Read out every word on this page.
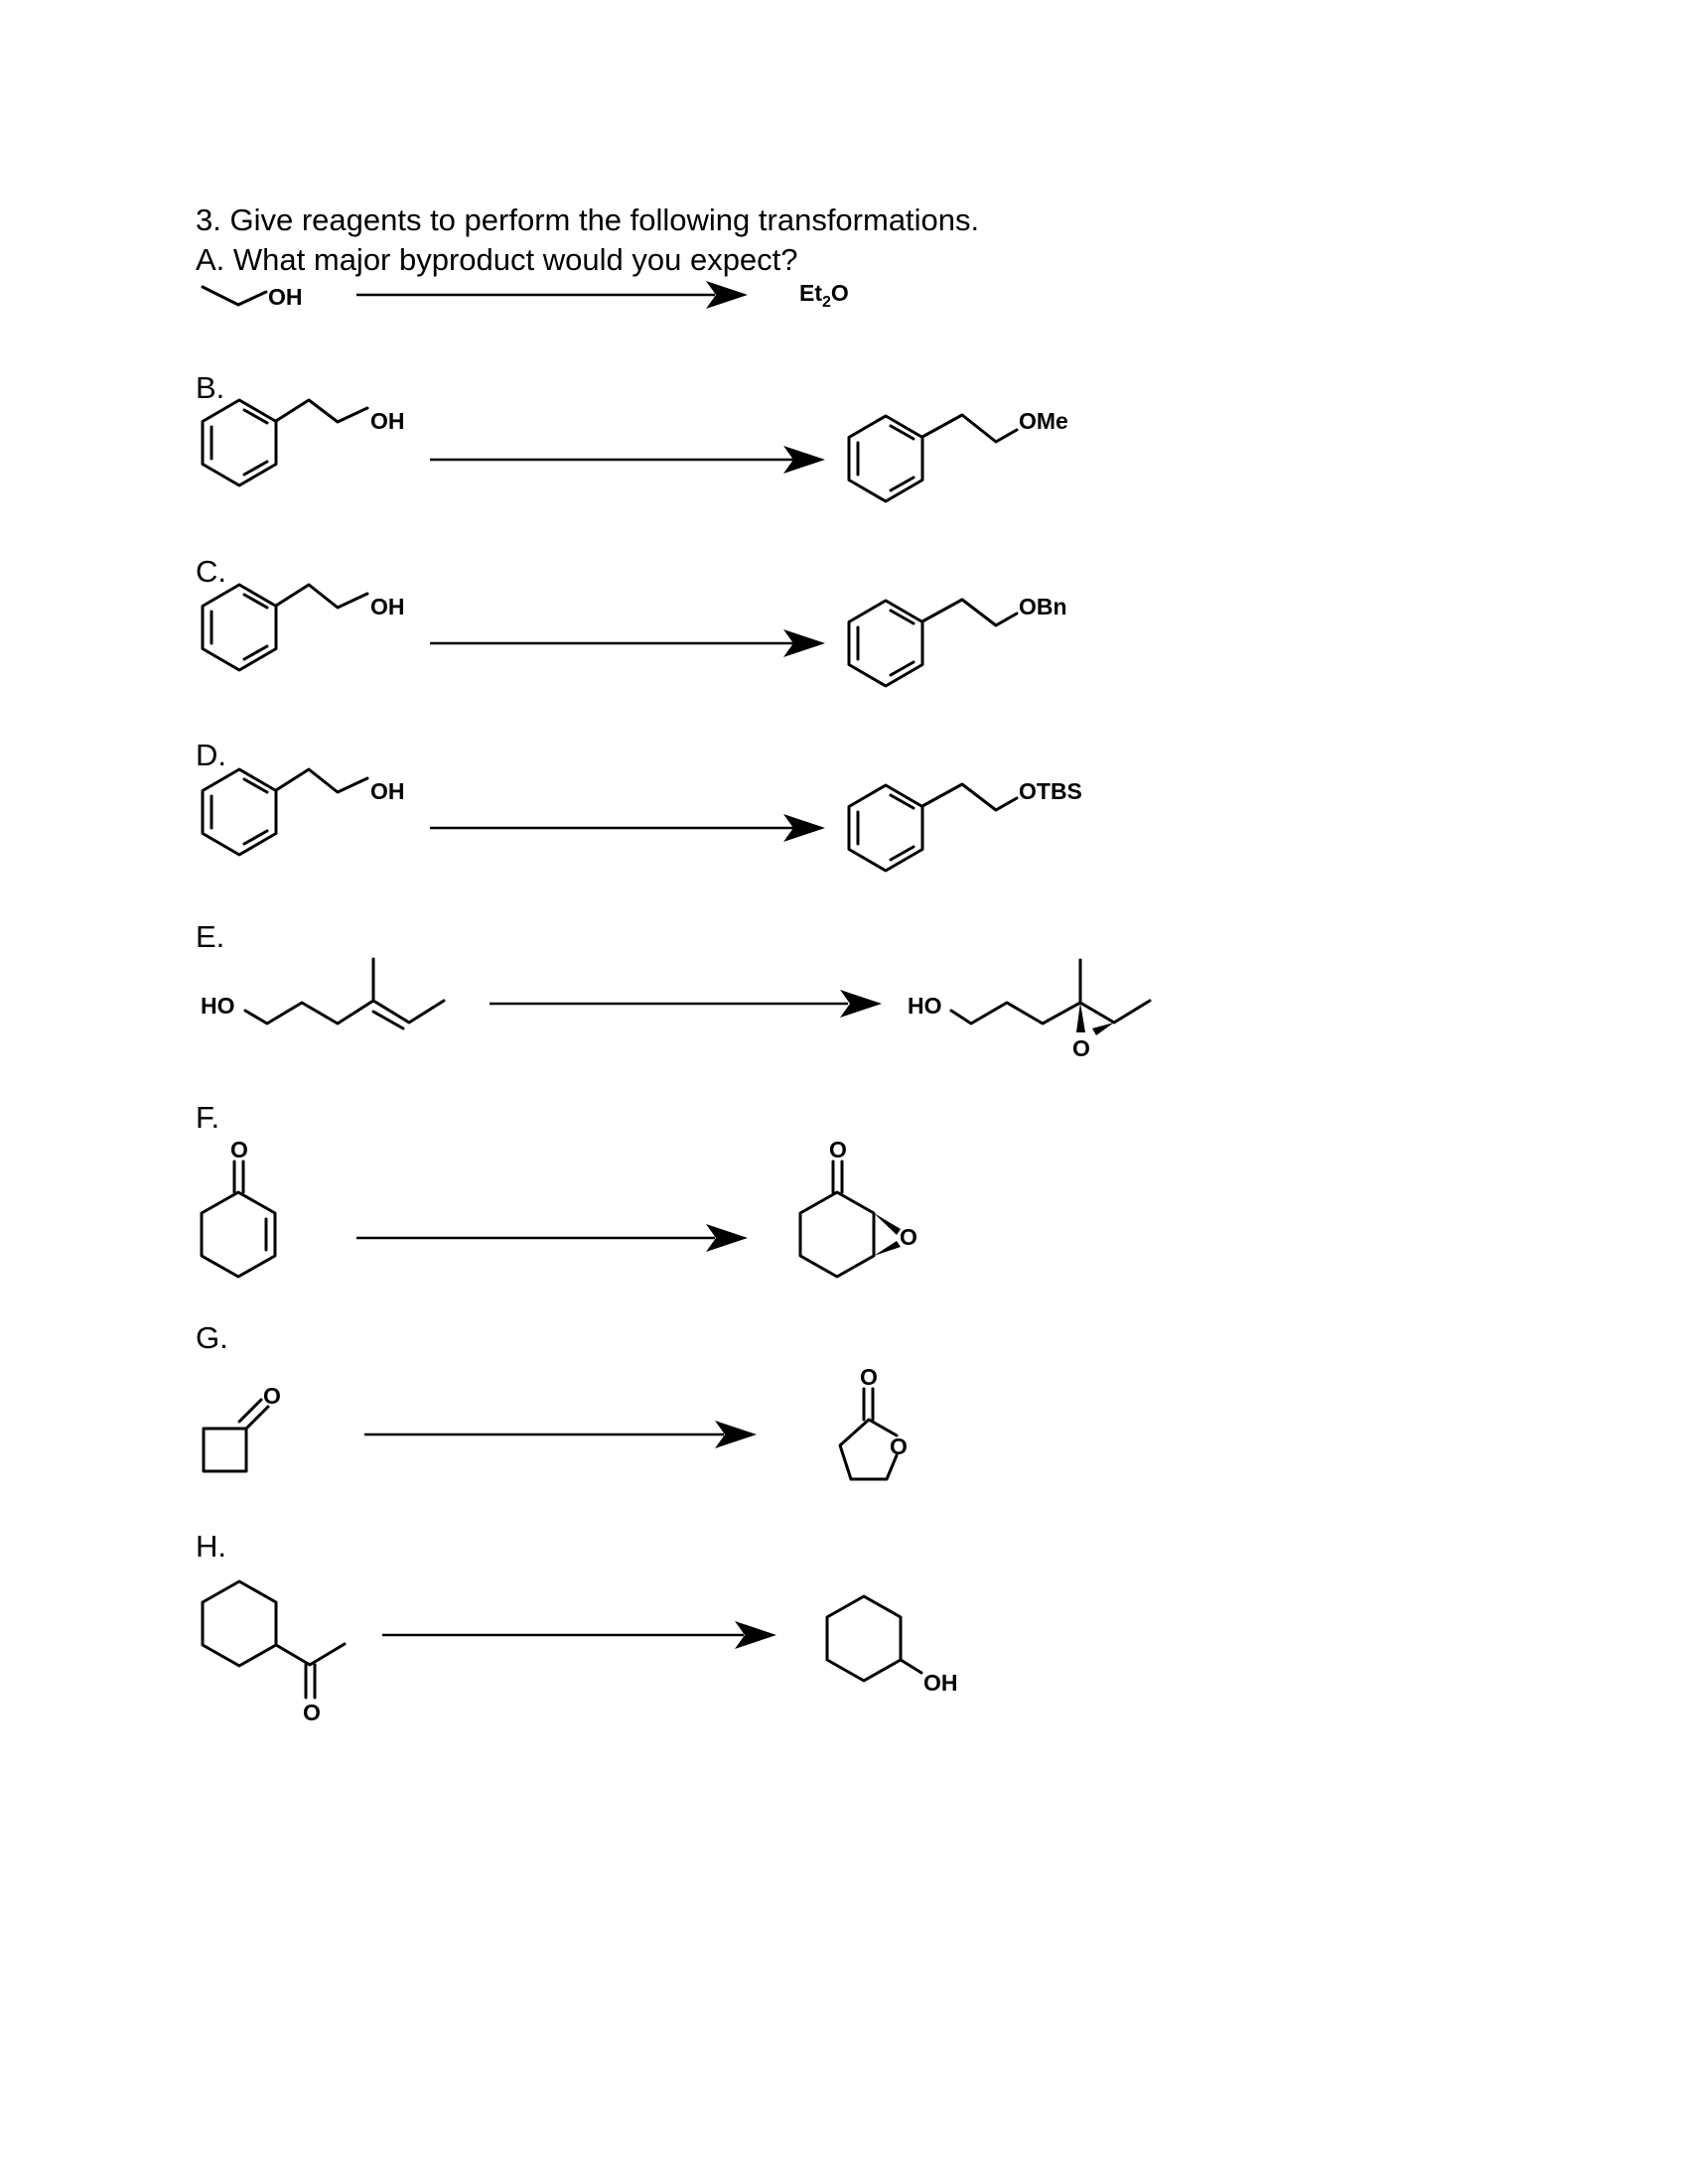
3. Give reagents to perform the following transformations.
A. What major byproduct would you expect?
B.
C.
D.
E.
F.
G.
H.
OH	$Et_2O$
OH	OMe
OH	OBn
OH	OTBS
HO	HO
O
O	O
O
O
O
O
O
OH
